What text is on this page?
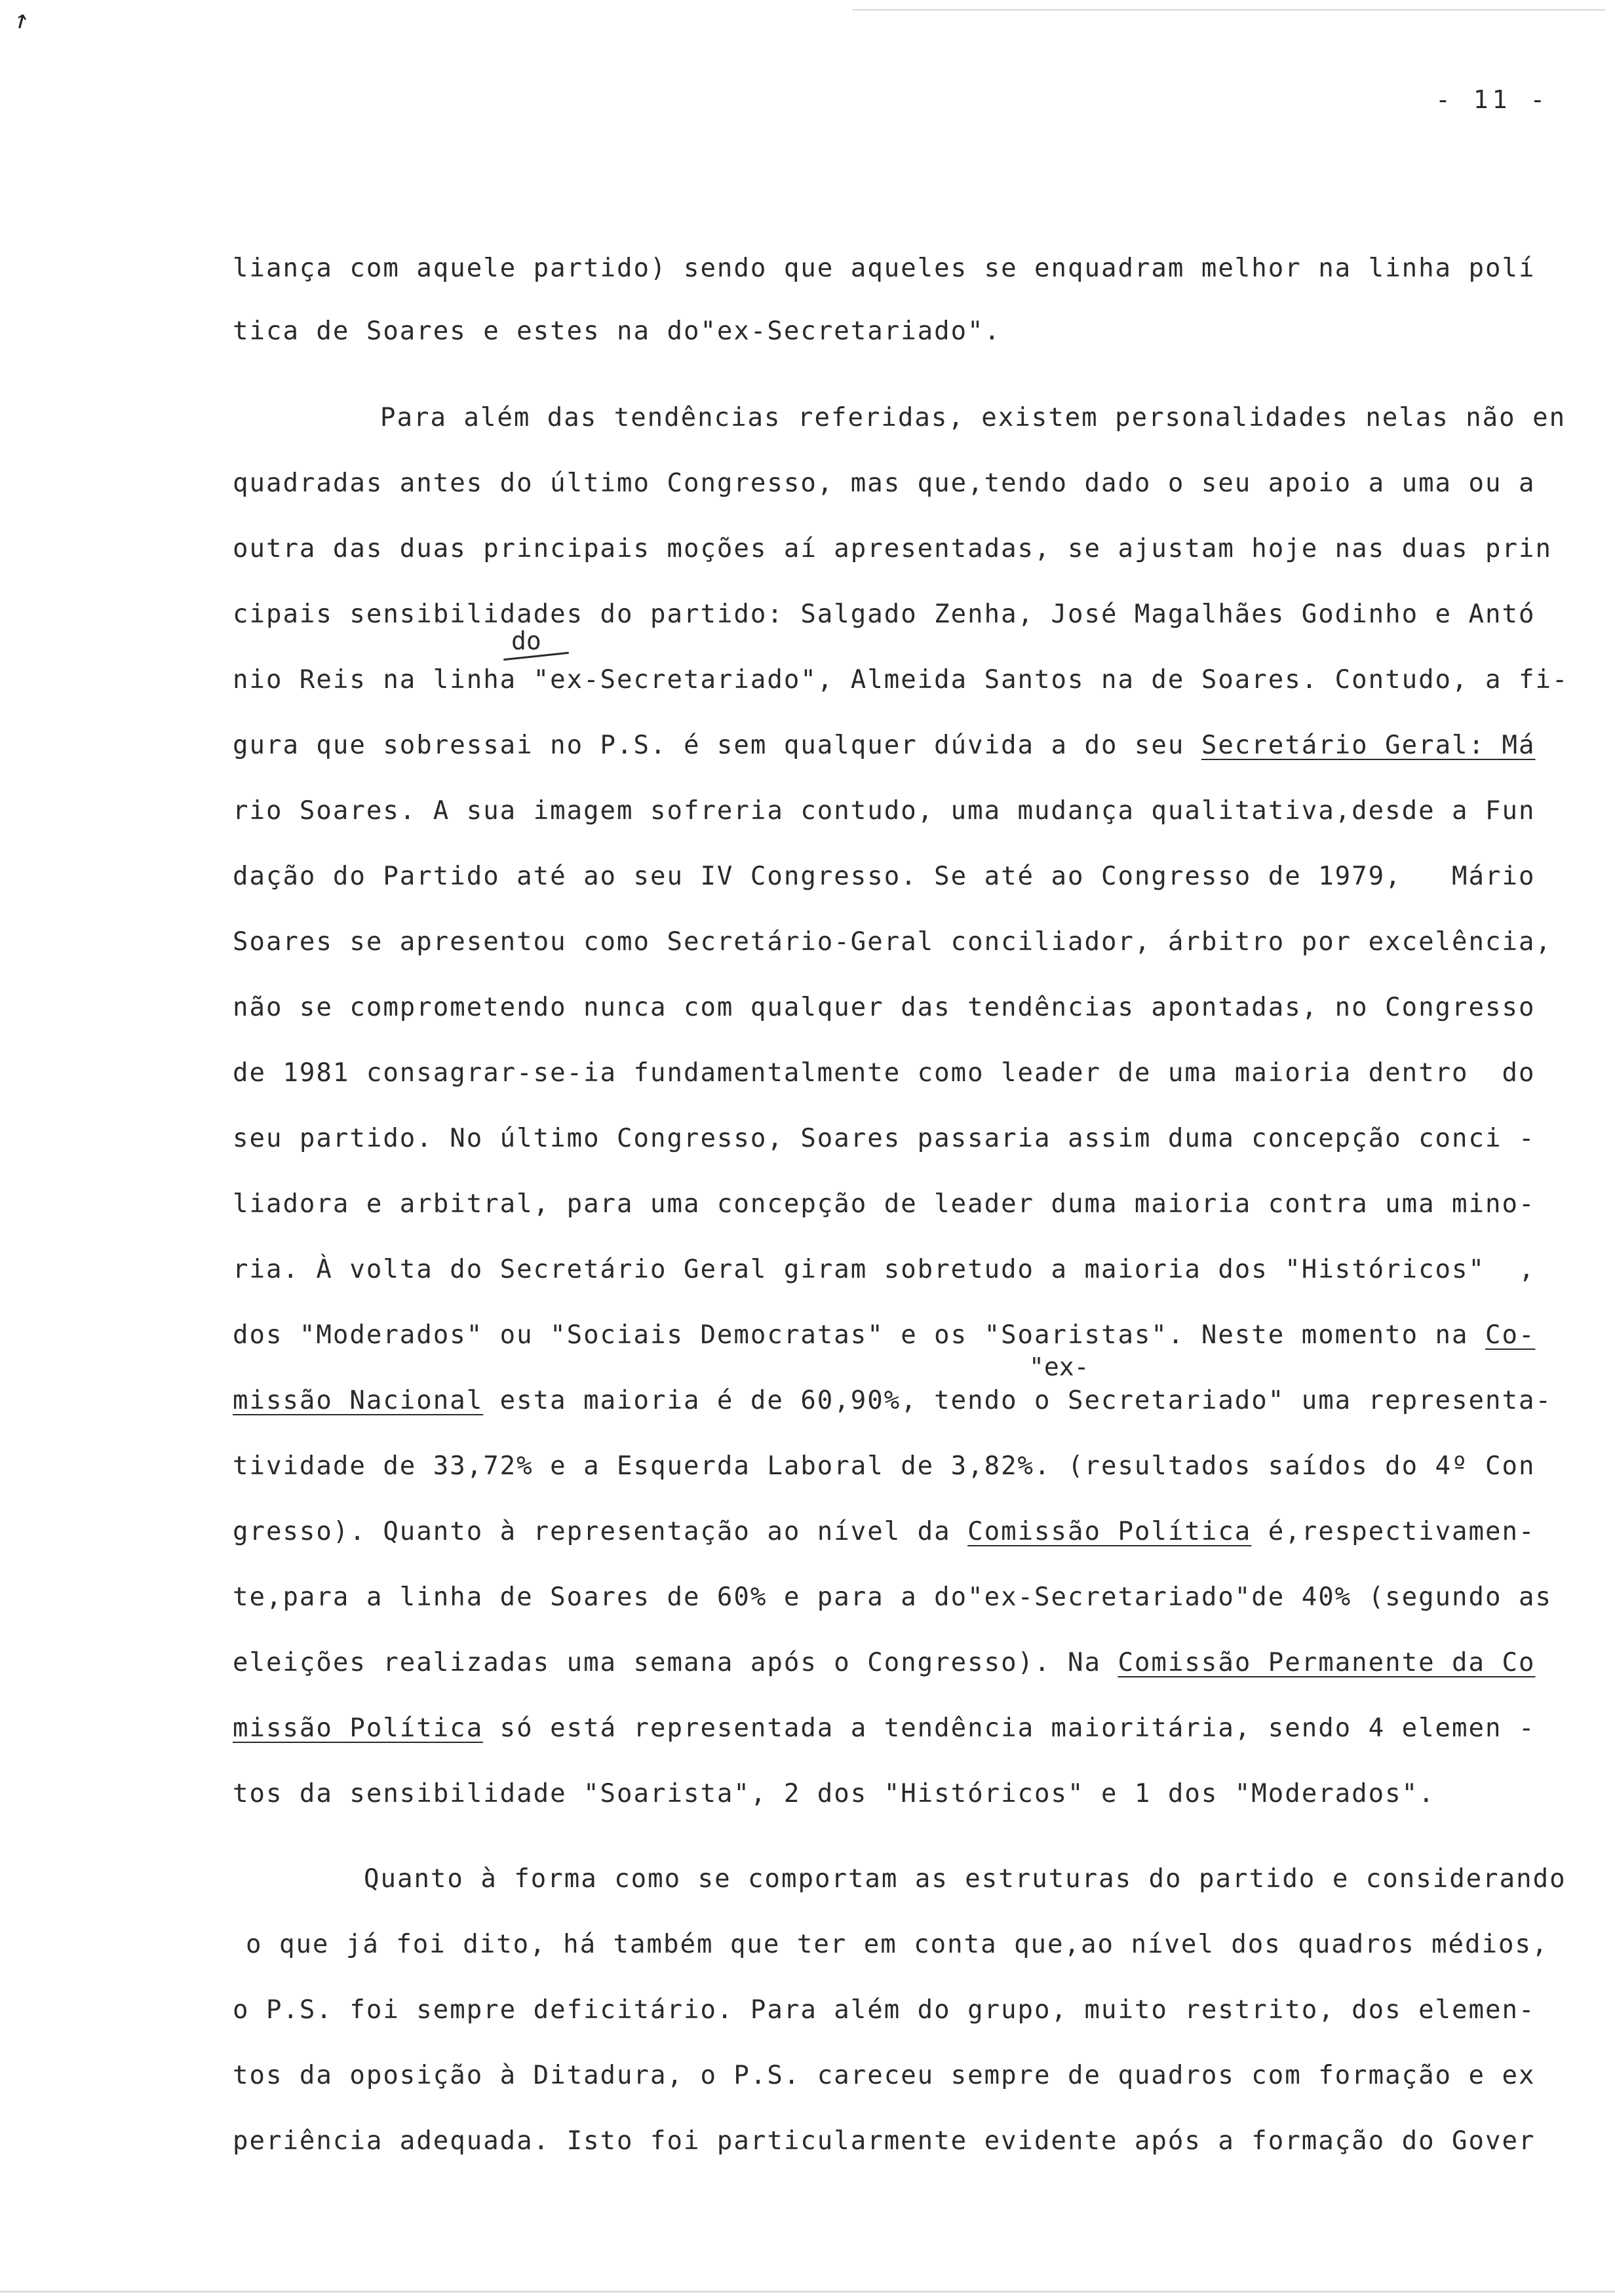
↗
- 11 -
liança com aquele partido) sendo que aqueles se enquadram melhor na linha polí
tica de Soares e estes na do"ex-Secretariado".
Para além das tendências referidas, existem personalidades nelas não en
quadradas antes do último Congresso, mas que,tendo dado o seu apoio a uma ou a
outra das duas principais moções aí apresentadas, se ajustam hoje nas duas prin
cipais sensibilidades do partido: Salgado Zenha, José Magalhães Godinho e Antó
do
nio Reis na linha "ex-Secretariado", Almeida Santos na de Soares. Contudo, a fi-
gura que sobressai no P.S. é sem qualquer dúvida a do seu Secretário Geral: Má
rio Soares. A sua imagem sofreria contudo, uma mudança qualitativa,desde a Fun
dação do Partido até ao seu IV Congresso. Se até ao Congresso de 1979,   Mário
Soares se apresentou como Secretário-Geral conciliador, árbitro por excelência,
não se comprometendo nunca com qualquer das tendências apontadas, no Congresso
de 1981 consagrar-se-ia fundamentalmente como leader de uma maioria dentro  do
seu partido. No último Congresso, Soares passaria assim duma concepção conci -
liadora e arbitral, para uma concepção de leader duma maioria contra uma mino-
ria. À volta do Secretário Geral giram sobretudo a maioria dos "Históricos"  ,
dos "Moderados" ou "Sociais Democratas" e os "Soaristas". Neste momento na Co-
"ex-
missão Nacional esta maioria é de 60,90%, tendo o Secretariado" uma representa-
tividade de 33,72% e a Esquerda Laboral de 3,82%. (resultados saídos do 4º Con
gresso). Quanto à representação ao nível da Comissão Política é,respectivamen-
te,para a linha de Soares de 60% e para a do"ex-Secretariado"de 40% (segundo as
eleições realizadas uma semana após o Congresso). Na Comissão Permanente da Co
missão Política só está representada a tendência maioritária, sendo 4 elemen -
tos da sensibilidade "Soarista", 2 dos "Históricos" e 1 dos "Moderados".
Quanto à forma como se comportam as estruturas do partido e considerando
o que já foi dito, há também que ter em conta que,ao nível dos quadros médios,
o P.S. foi sempre deficitário. Para além do grupo, muito restrito, dos elemen-
tos da oposição à Ditadura, o P.S. careceu sempre de quadros com formação e ex
periência adequada. Isto foi particularmente evidente após a formação do Gover
